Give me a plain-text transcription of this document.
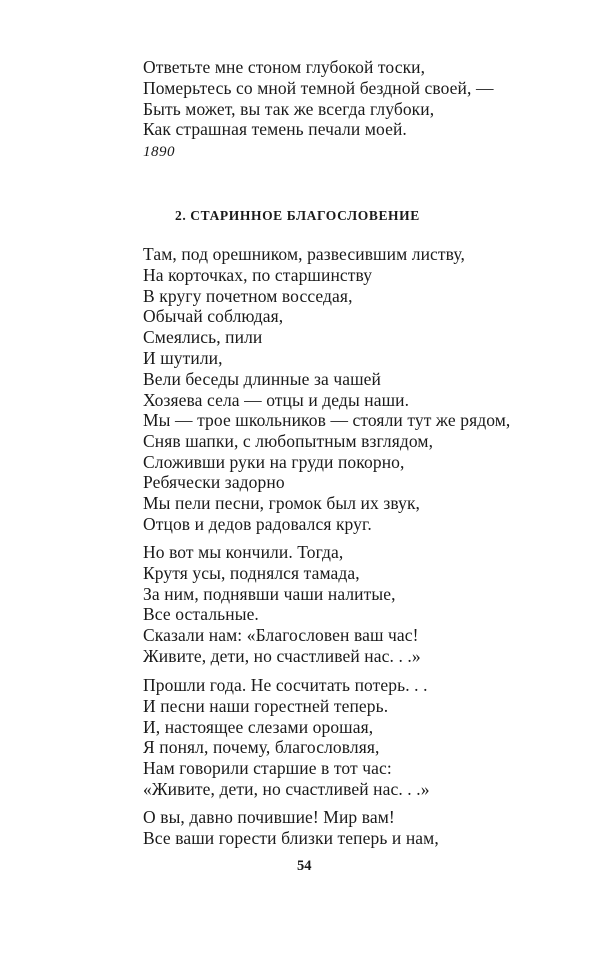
Ответьте мне стоном глубокой тоски,
Померьтесь со мной темной бездной своей, —
Быть может, вы так же всегда глубоки,
Как страшная темень печали моей.
1890
2. СТАРИННОЕ БЛАГОСЛОВЕНИЕ
Там, под орешником, развесившим листву,
На корточках, по старшинству
В кругу почетном восседая,
Обычай соблюдая,
Смеялись, пили
И шутили,
Вели беседы длинные за чашей
Хозяева села — отцы и деды наши.
Мы — трое школьников — стояли тут же рядом,
Сняв шапки, с любопытным взглядом,
Сложивши руки на груди покорно,
Ребячески задорно
Мы пели песни, громок был их звук,
Отцов и дедов радовался круг.
Но вот мы кончили. Тогда,
Крутя усы, поднялся тамада,
За ним, поднявши чаши налитые,
Все остальные.
Сказали нам: «Благословен ваш час!
Живите, дети, но счастливей нас. . .»
Прошли года. Не сосчитать потерь. . .
И песни наши горестней теперь.
И, настоящее слезами орошая,
Я понял, почему, благословляя,
Нам говорили старшие в тот час:
«Живите, дети, но счастливей нас. . .»
О вы, давно почившие! Мир вам!
Все ваши горести близки теперь и нам,
54
